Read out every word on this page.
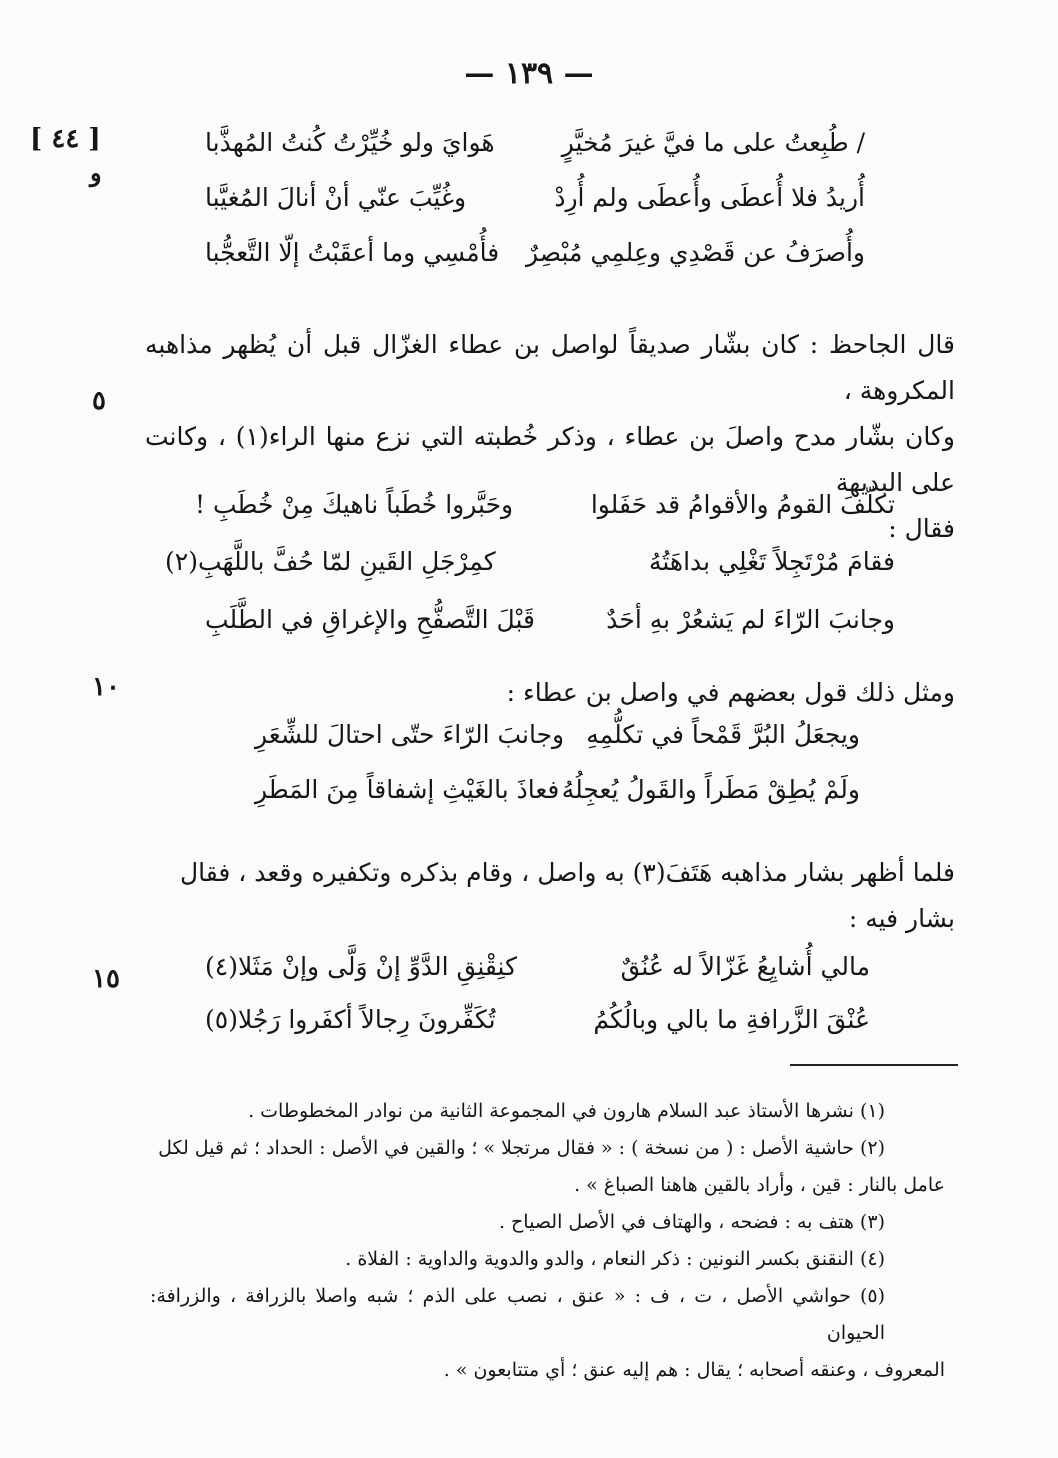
— ١٣٩ —
[ ٤٤ ]
و
/ طُبِعتُ على ما فيَّ غيرَ مُخيَّرٍ
هَوايَ ولو خُيِّرْتُ كُنتُ المُهذَّبا
أُريدُ فلا أُعطَى وأُعطَى ولم أُرِدْ
وغُيِّبَ عنّي أنْ أنالَ المُغيَّبا
وأُصرَفُ عن قَصْدِي وعِلمِي مُبْصِرٌ
فأُمْسِي وما أعقَبْتُ إلّا التَّعجُّبا
قال الجاحظ : كان بشّار صديقاً لواصل بن عطاء الغزّال قبل أن يُظهر مذاهبه المكروهة ،
وكان بشّار مدح واصلَ بن عطاء ، وذكر خُطبته التي نزع منها الراء(١) ، وكانت على البديهة
فقال :
٥
تكلّفَ القومُ والأقوامُ قد حَفَلوا
وحَبَّروا خُطَباً ناهيكَ مِنْ خُطَبِ !
فقامَ مُرْتَجِلاً تَغْلِي بداهَتُهُ
كمِرْجَلِ القَينِ لمّا حُفَّ باللَّهَبِ(٢)
وجانبَ الرّاءَ لم يَشعُرْ بهِ أحَدٌ
قَبْلَ التَّصفُّحِ والإغراقِ في الطَّلَبِ
ومثل ذلك قول بعضهم في واصل بن عطاء :
١٠
ويجعَلُ البُرَّ قَمْحاً في تكلُّمِهِ
وجانبَ الرّاءَ حتّى احتالَ للشِّعَرِ
ولَمْ يُطِقْ مَطَراً والقَولُ يُعجِلُهُ
فعاذَ بالغَيْثِ إشفاقاً مِنَ المَطَرِ
فلما أظهر بشار مذاهبه هَتَفَ(٣) به واصل ، وقام بذكره وتكفيره وقعد ، فقال
بشار فيه :
مالي أُشايِعُ غَزّالاً له عُنُقٌ
كنِقْنِقِ الدَّوِّ إنْ وَلَّى وإنْ مَثَلا(٤)
عُنْقَ الزَّرافةِ ما بالي وبالُكُمُ
تُكَفِّرونَ رِجالاً أكفَروا رَجُلا(٥)
١٥
(١) نشرها الأستاذ عبد السلام هارون في المجموعة الثانية من نوادر المخطوطات .
(٢) حاشية الأصل : ( من نسخة ) : « فقال مرتجلا » ؛ والقين في الأصل : الحداد ؛ ثم قيل لكل
عامل بالنار : قين ، وأراد بالقين هاهنا الصباغ » .
(٣) هتف به : فضحه ، والهتاف في الأصل الصياح .
(٤) النقنق بكسر النونين : ذكر النعام ، والدو والدوية والداوية : الفلاة .
(٥) حواشي الأصل ، ت ، ف : « عنق ، نصب على الذم ؛ شبه واصلا بالزرافة ، والزرافة: الحيوان
المعروف ، وعنقه أصحابه ؛ يقال : هم إليه عنق ؛ أي متتابعون » .
